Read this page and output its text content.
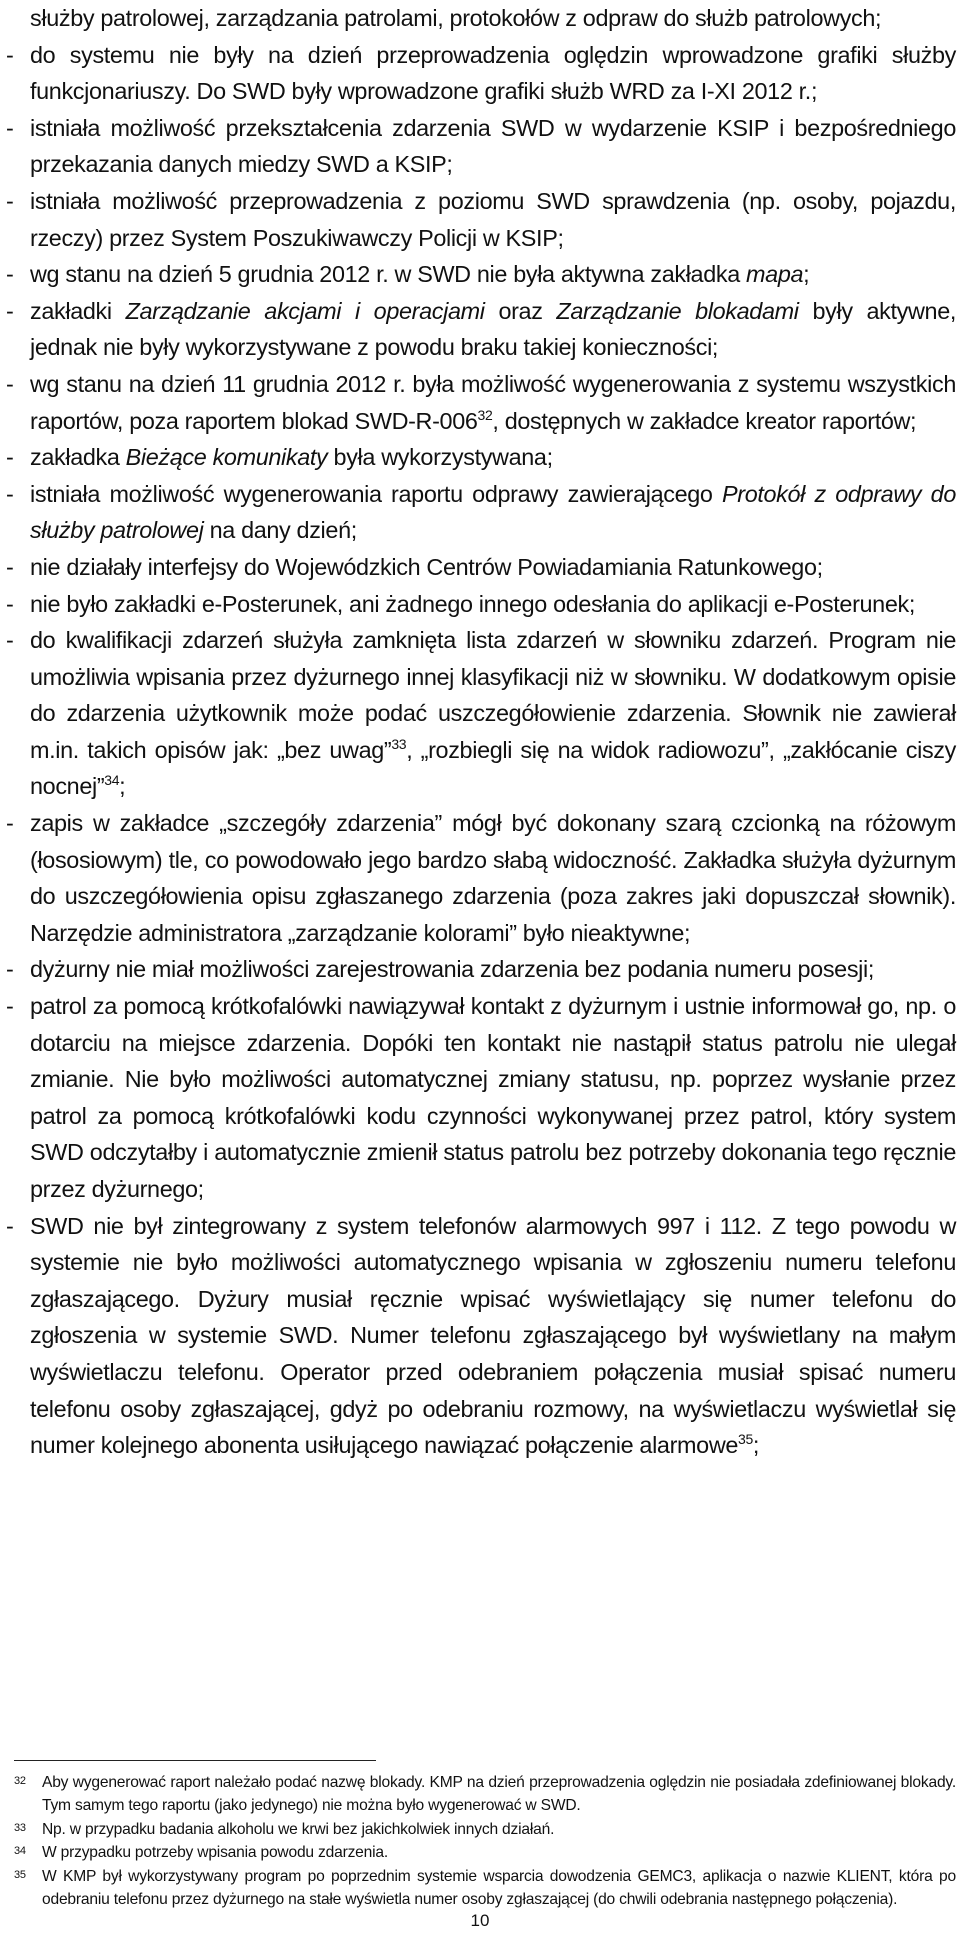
służby patrolowej, zarządzania patrolami, protokołów z odpraw do służb patrolowych;
- do systemu nie były na dzień przeprowadzenia oględzin wprowadzone grafiki służby funkcjonariuszy. Do SWD były wprowadzone grafiki służb WRD za I-XI 2012 r.;
- istniała możliwość przekształcenia zdarzenia SWD w wydarzenie KSIP i bezpośredniego przekazania danych miedzy SWD a KSIP;
- istniała możliwość przeprowadzenia z poziomu SWD sprawdzenia (np. osoby, pojazdu, rzeczy) przez System Poszukiwawczy Policji w KSIP;
- wg stanu na dzień 5 grudnia 2012 r. w SWD nie była aktywna zakładka mapa;
- zakładki Zarządzanie akcjami i operacjami oraz Zarządzanie blokadami były aktywne, jednak nie były wykorzystywane z powodu braku takiej konieczności;
- wg stanu na dzień 11 grudnia 2012 r. była możliwość wygenerowania z systemu wszystkich raportów, poza raportem blokad SWD-$R-006^{32}$, dostępnych w zakładce kreator raportów;
- zakładka Bieżące komunikaty była wykorzystywana;
- istniała możliwość wygenerowania raportu odprawy zawierającego Protokół z odprawy do służby patrolowej na dany dzień;
- nie działały interfejsy do Wojewódzkich Centrów Powiadamiania Ratunkowego;
- nie było zakładki e-Posterunek, ani żadnego innego odesłania do aplikacji e-Posterunek;
- do kwalifikacji zdarzeń służyła zamknięta lista zdarzeń w słowniku zdarzeń. Program nie umożliwia wpisania przez dyżurnego innej klasyfikacji niż w słowniku. W dodatkowym opisie do zdarzenia użytkownik może podać uszczegółowienie zdarzenia. Słownik nie zawierał m.in. takich opisów jak: „bez uwag”$^{33}$, „rozbiegli się na widok radiowozu”, „zakłócanie ciszy nocnej”$^{34}$;
- zapis w zakładce „szczegóły zdarzenia” mógł być dokonany szarą czcionką na różowym (łososiowym) tle, co powodowało jego bardzo słabą widoczność. Zakładka służyła dyżurnym do uszczegółowienia opisu zgłaszanego zdarzenia (poza zakres jaki dopuszczał słownik). Narzędzie administratora „zarządzanie kolorami” było nieaktywne;
- dyżurny nie miał możliwości zarejestrowania zdarzenia bez podania numeru posesji;
- patrol za pomocą krótkofalówki nawiązywał kontakt z dyżurnym i ustnie informował go, np. o dotarciu na miejsce zdarzenia. Dopóki ten kontakt nie nastąpił status patrolu nie ulegał zmianie. Nie było możliwości automatycznej zmiany statusu, np. poprzez wysłanie przez patrol za pomocą krótkofalówki kodu czynności wykonywanej przez patrol, który system SWD odczytałby i automatycznie zmienił status patrolu bez potrzeby dokonania tego ręcznie przez dyżurnego;
- SWD nie był zintegrowany z system telefonów alarmowych 997 i 112. Z tego powodu w systemie nie było możliwości automatycznego wpisania w zgłoszeniu numeru telefonu zgłaszającego. Dyżury musiał ręcznie wpisać wyświetlający się numer telefonu do zgłoszenia w systemie SWD. Numer telefonu zgłaszającego był wyświetlany na małym wyświetlaczu telefonu. Operator przed odebraniem połączenia musiał spisać numeru telefonu osoby zgłaszającej, gdyż po odebraniu rozmowy, na wyświetlaczu wyświetlał się numer kolejnego abonenta usiłującego nawiązać połączenie alarmowe$^{35}$;
32	Aby wygenerować raport należało podać nazwę blokady. KMP na dzień przeprowadzenia oględzin nie posiadała zdefiniowanej blokady. Tym samym tego raportu (jako jedynego) nie można było wygenerować w SWD.
33	Np. w przypadku badania alkoholu we krwi bez jakichkolwiek innych działań.
34	W przypadku potrzeby wpisania powodu zdarzenia.
35	W KMP był wykorzystywany program po poprzednim systemie wsparcia dowodzenia GEMC3, aplikacja o nazwie KLIENT, która po odebraniu telefonu przez dyżurnego na stałe wyświetla numer osoby zgłaszającej (do chwili odebrania następnego połączenia).
10
